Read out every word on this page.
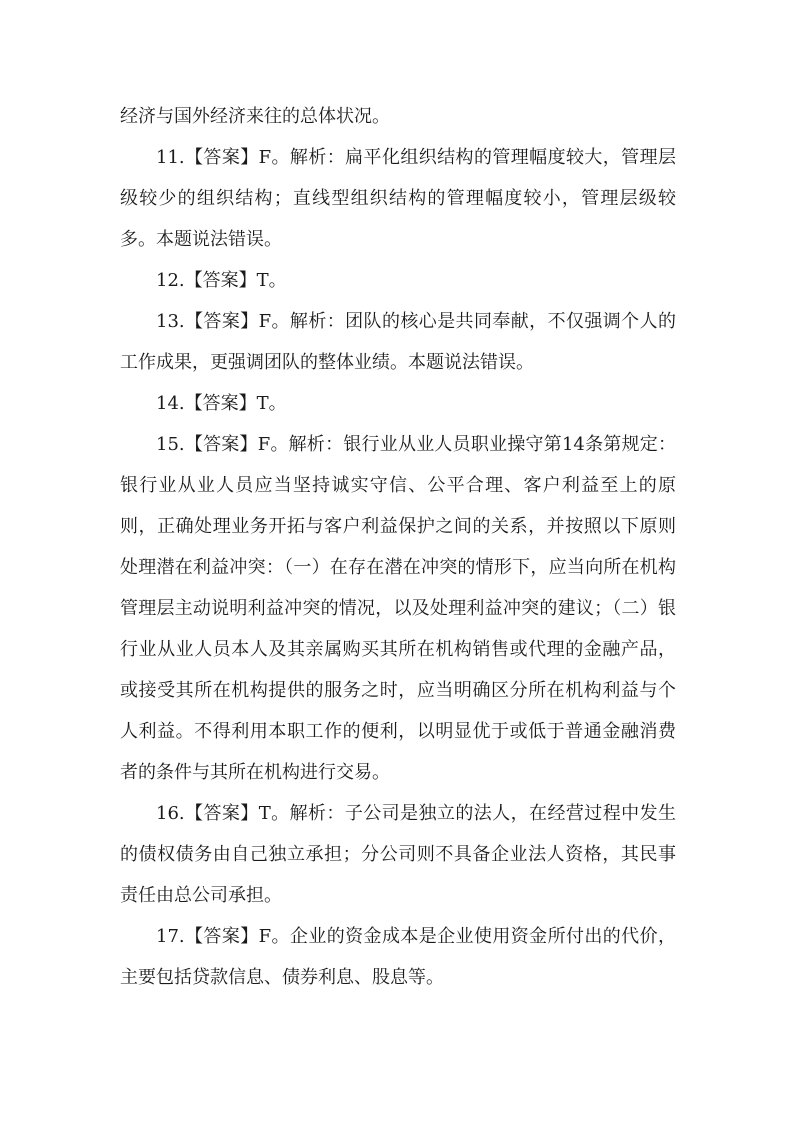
经济与国外经济来往的总体状况。

11.【答案】F。解析：扁平化组织结构的管理幅度较大，管理层级较少的组织结构；直线型组织结构的管理幅度较小，管理层级较多。本题说法错误。

12.【答案】T。

13.【答案】F。解析：团队的核心是共同奉献，不仅强调个人的工作成果，更强调团队的整体业绩。本题说法错误。

14.【答案】T。

15.【答案】F。解析：银行业从业人员职业操守第14条第规定：银行业从业人员应当坚持诚实守信、公平合理、客户利益至上的原则，正确处理业务开拓与客户利益保护之间的关系，并按照以下原则处理潜在利益冲突：（一）在存在潜在冲突的情形下，应当向所在机构管理层主动说明利益冲突的情况，以及处理利益冲突的建议；（二）银行业从业人员本人及其亲属购买其所在机构销售或代理的金融产品，或接受其所在机构提供的服务之时，应当明确区分所在机构利益与个人利益。不得利用本职工作的便利，以明显优于或低于普通金融消费者的条件与其所在机构进行交易。

16.【答案】T。解析：子公司是独立的法人，在经营过程中发生的债权债务由自己独立承担；分公司则不具备企业法人资格，其民事责任由总公司承担。

17.【答案】F。企业的资金成本是企业使用资金所付出的代价，主要包括贷款信息、债券利息、股息等。
